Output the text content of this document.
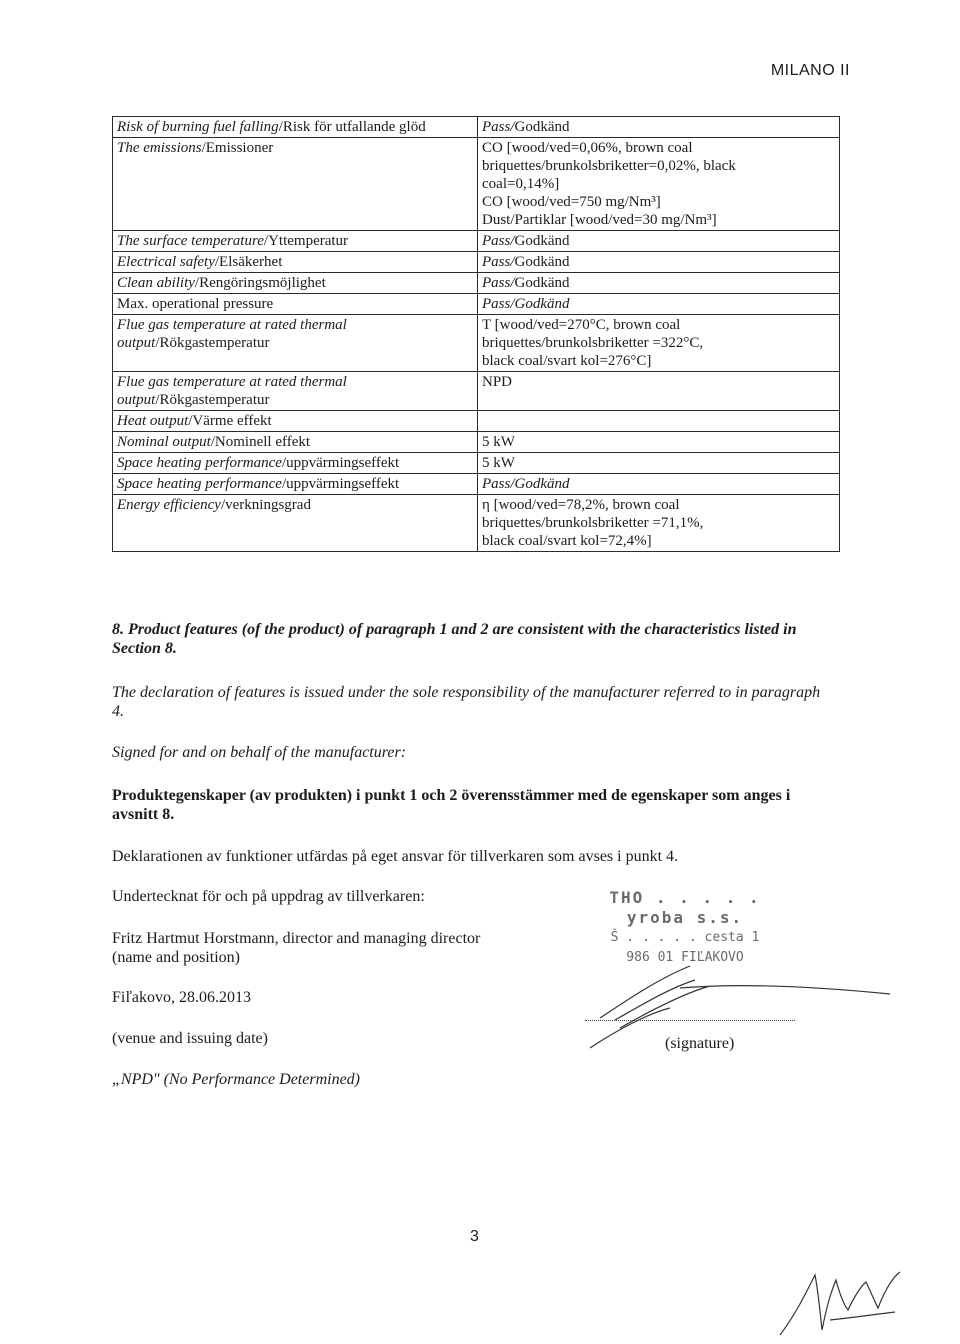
MILANO II
Risk of burning fuel falling/Risk för utfallande glöd	Pass/Godkänd
The emissions/Emissioner	CO [wood/ved=0,06%, brown coal
briquettes/brunkolsbriketter=0,02%, black
coal=0,14%]
CO [wood/ved=750 mg/Nm³]
Dust/Partiklar [wood/ved=30 mg/Nm³]

The surface temperature/Yttemperatur	Pass/Godkänd
Electrical safety/Elsäkerhet	Pass/Godkänd
Clean ability/Rengöringsmöjlighet	Pass/Godkänd
Max. operational pressure	Pass/Godkänd
Flue gas temperature at rated thermal output/Rökgastemperatur	T [wood/ved=270°C, brown coal
briquettes/brunkolsbriketter =322°C,
black coal/svart kol=276°C]

Flue gas temperature at rated thermal output/Rökgastemperatur	NPD
Heat output/Värme effekt	
Nominal output/Nominell effekt	5 kW
Space heating performance/uppvärmingseffekt	5 kW
Space heating performance/uppvärmingseffekt	Pass/Godkänd
Energy efficiency/verkningsgrad	η [wood/ved=78,2%, brown coal
briquettes/brunkolsbriketter =71,1%,
black coal/svart kol=72,4%]
8. Product features (of the product) of paragraph 1 and 2 are consistent with the characteristics listed in Section 8.
The declaration of features is issued under the sole responsibility of the manufacturer referred to in paragraph 4.
Signed for and on behalf of the manufacturer:
Produktegenskaper (av produkten) i punkt 1 och 2 överensstämmer med de egenskaper som anges i avsnitt 8.
Deklarationen av funktioner utfärdas på eget ansvar för tillverkaren som avses i punkt 4.
Undertecknat för och på uppdrag av tillverkaren:
Fritz Hartmut Horstmann, director and managing director
(name and position)
Fiľakovo, 28.06.2013
(venue and issuing date)
„NPD" (No Performance Determined)
THO . . . . . yroba s.s.
Š . . . . . cesta 1
986 01 FIĽAKOVO
(signature)
3
